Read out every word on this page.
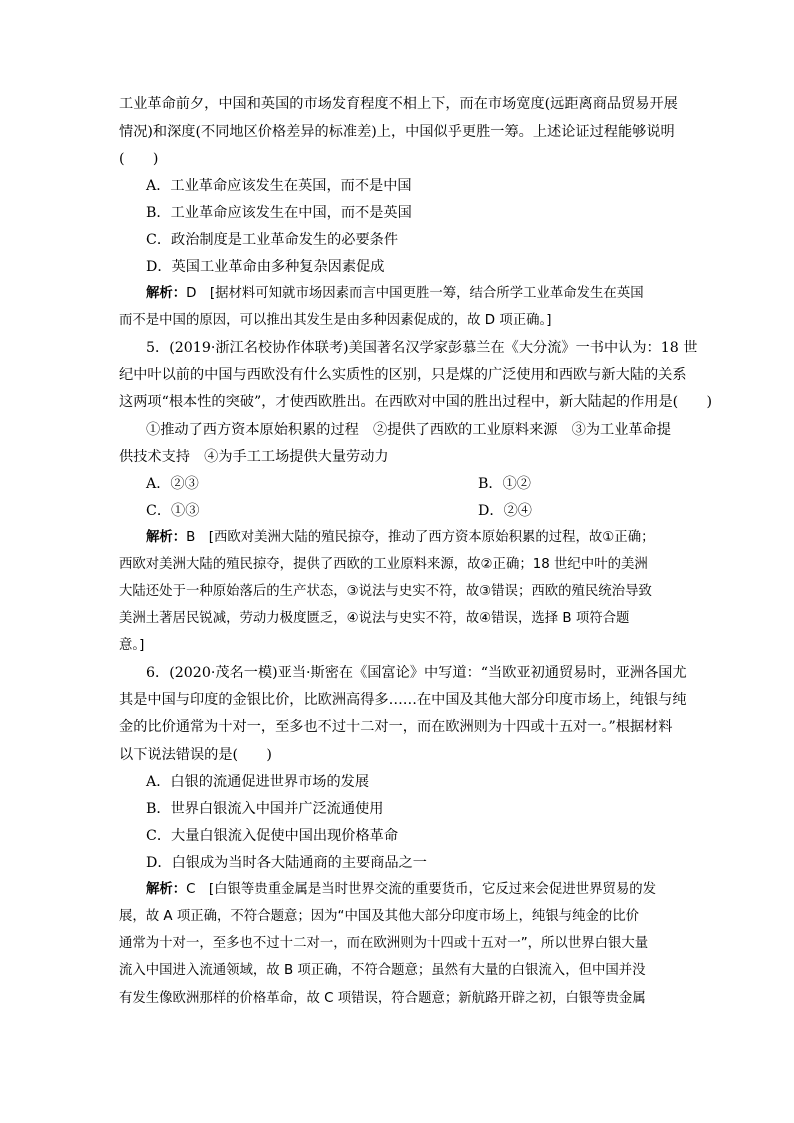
工业革命前夕，中国和英国的市场发育程度不相上下，而在市场宽度(远距离商品贸易开展
情况)和深度(不同地区价格差异的标准差)上，中国似乎更胜一筹。上述论证过程能够说明
(　　)
A．工业革命应该发生在英国，而不是中国
B．工业革命应该发生在中国，而不是英国
C．政治制度是工业革命发生的必要条件
D．英国工业革命由多种复杂因素促成
解析：D　[据材料可知就市场因素而言中国更胜一筹，结合所学工业革命发生在英国
而不是中国的原因，可以推出其发生是由多种因素促成的，故 D 项正确。]
5．(2019·浙江名校协作体联考)美国著名汉学家彭慕兰在《大分流》一书中认为：18 世
纪中叶以前的中国与西欧没有什么实质性的区别，只是煤的广泛使用和西欧与新大陆的关系
这两项“根本性的突破”，才使西欧胜出。在西欧对中国的胜出过程中，新大陆起的作用是(　　)
①推动了西方资本原始积累的过程　②提供了西欧的工业原料来源　③为工业革命提
供技术支持　④为手工工场提供大量劳动力
A．②③	B．①②
C．①③	D．②④
解析：B　[西欧对美洲大陆的殖民掠夺，推动了西方资本原始积累的过程，故①正确；
西欧对美洲大陆的殖民掠夺，提供了西欧的工业原料来源，故②正确；18 世纪中叶的美洲
大陆还处于一种原始落后的生产状态，③说法与史实不符，故③错误；西欧的殖民统治导致
美洲土著居民锐减，劳动力极度匮乏，④说法与史实不符，故④错误，选择 B 项符合题
意。]
6．(2020·茂名一模)亚当·斯密在《国富论》中写道：“当欧亚初通贸易时，亚洲各国尤
其是中国与印度的金银比价，比欧洲高得多……在中国及其他大部分印度市场上，纯银与纯
金的比价通常为十对一，至多也不过十二对一，而在欧洲则为十四或十五对一。”根据材料
以下说法错误的是(　　)
A．白银的流通促进世界市场的发展
B．世界白银流入中国并广泛流通使用
C．大量白银流入促使中国出现价格革命
D．白银成为当时各大陆通商的主要商品之一
解析：C　[白银等贵重金属是当时世界交流的重要货币，它反过来会促进世界贸易的发
展，故 A 项正确，不符合题意；因为“中国及其他大部分印度市场上，纯银与纯金的比价
通常为十对一，至多也不过十二对一，而在欧洲则为十四或十五对一”，所以世界白银大量
流入中国进入流通领域，故 B 项正确，不符合题意；虽然有大量的白银流入，但中国并没
有发生像欧洲那样的价格革命，故 C 项错误，符合题意；新航路开辟之初，白银等贵金属
